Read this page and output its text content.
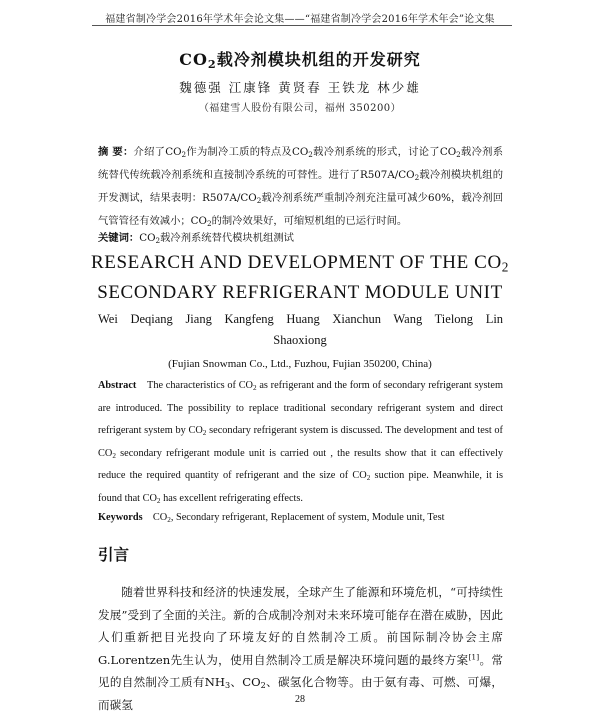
福建省制冷学会2016年学术年会论文集——“福建省制冷学会2016年学术年会”论文集
$CO_2$载冷剂模块机组的开发研究
魏德强 江康锋 黄贤春 王铁龙 林少雄
（福建雪人股份有限公司，福州 350200）

摘 要：介绍了$CO_2$作为制冷工质的特点及$CO_2$载冷剂系统的形式，讨论了$CO_2$载冷剂系统替代传统载冷剂系统和直接制冷系统的可替性。进行了$R507A/CO_2$载冷剂模块机组的开发测试，结果表明：$R507A/CO_2$载冷剂系统严重制冷剂充注量可减少60%，载冷剂回气管管径有效减小；$CO_2$的制冷效果好，可缩短机组的已运行时间。

关键词：$CO_2$载冷剂系统替代模块机组测试

RESEARCH AND DEVELOPMENT OF THE $CO_2$
SECONDARY REFRIGERANT MODULE UNIT
Wei Deqiang Jiang Kangfeng Huang Xianchun Wang Tielong Lin
Shaoxiong
(Fujian Snowman Co., Ltd., Fuzhou, Fujian 350200, China)

Abstract The characteristics of $CO_2$ as refrigerant and the form of secondary refrigerant system are introduced. The possibility to replace traditional secondary refrigerant system and direct refrigerant system by $CO_2$ secondary refrigerant system is discussed. The development and test of $CO_2$ secondary refrigerant module unit is carried out , the results show that it can effectively reduce the required quantity of refrigerant and the size of $CO_2$ suction pipe. Meanwhile, it is found that $CO_2$ has excellent refrigerating effects.

Keywords $CO_2$, Secondary refrigerant, Replacement of system, Module unit, Test

引言

随着世界科技和经济的快速发展，全球产生了能源和环境危机，“可持续性发展”受到了全面的关注。新的合成制冷剂对未来环境可能存在潜在威胁，因此人们重新把目光投向了环境友好的自然制冷工质。前国际制冷协会主席G.Lorentzen先生认为，使用自然制冷工质是解决环境问题的最终方案[1]。常见的自然制冷工质有$NH_3$、$CO_2$、碳氢化合物等。由于氨有毒、可燃、可爆，而碳氢	28
